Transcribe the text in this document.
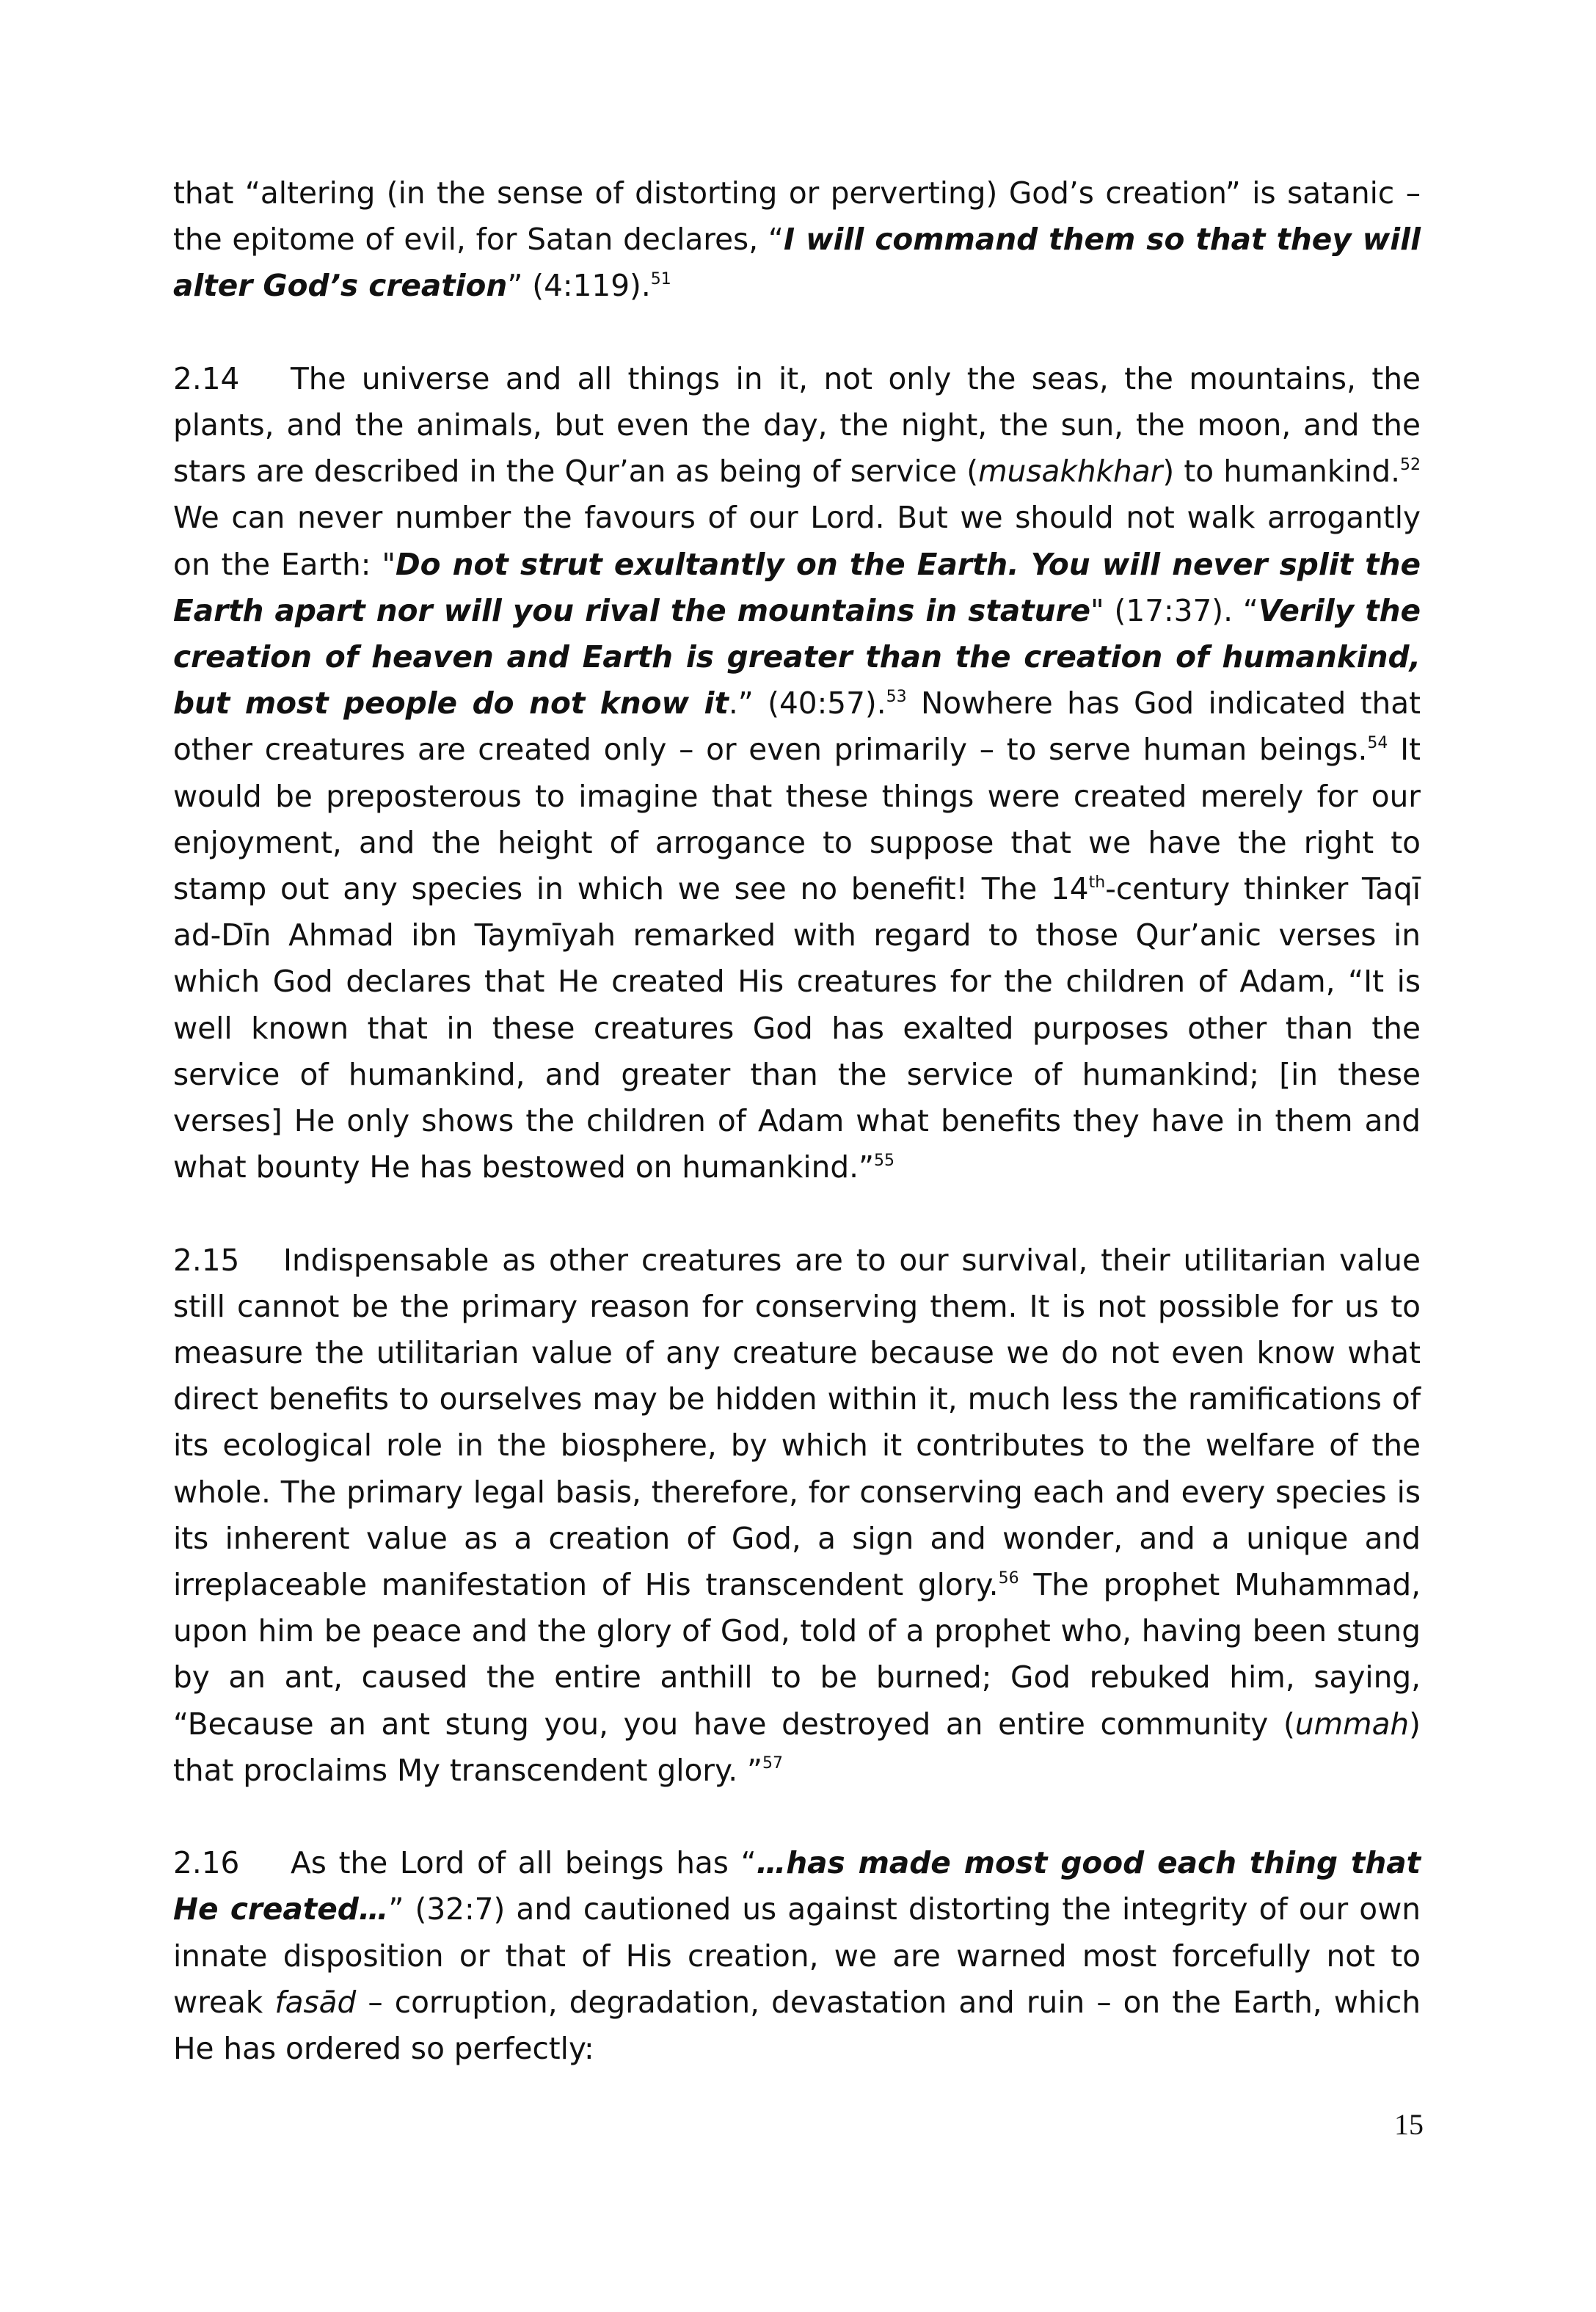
that “altering (in the sense of distorting or perverting) God’s creation” is satanic – the epitome of evil, for Satan declares, “I will command them so that they will alter God’s creation” (4:119).$^{51}$

2.14 The universe and all things in it, not only the seas, the mountains, the plants, and the animals, but even the day, the night, the sun, the moon, and the stars are described in the Qur’an as being of service (musakhkhar) to humankind.$^{52}$ We can never number the favours of our Lord. But we should not walk arrogantly on the Earth: "Do not strut exultantly on the Earth. You will never split the Earth apart nor will you rival the mountains in stature" (17:37). “Verily the creation of heaven and Earth is greater than the creation of humankind, but most people do not know it.” (40:57).$^{53}$ Nowhere has God indicated that other creatures are created only – or even primarily – to serve human beings.$^{54}$ It would be preposterous to imagine that these things were created merely for our enjoyment, and the height of arrogance to suppose that we have the right to stamp out any species in which we see no benefit! The 14th-century thinker Taqī ad-Dīn Ahmad ibn Taymīyah remarked with regard to those Qur’anic verses in which God declares that He created His creatures for the children of Adam, “It is well known that in these creatures God has exalted purposes other than the service of humankind, and greater than the service of humankind; [in these verses] He only shows the children of Adam what benefits they have in them and what bounty He has bestowed on humankind.”$^{55}$

2.15 Indispensable as other creatures are to our survival, their utilitarian value still cannot be the primary reason for conserving them. It is not possible for us to measure the utilitarian value of any creature because we do not even know what direct benefits to ourselves may be hidden within it, much less the ramifications of its ecological role in the biosphere, by which it contributes to the welfare of the whole. The primary legal basis, therefore, for conserving each and every species is its inherent value as a creation of God, a sign and wonder, and a unique and irreplaceable manifestation of His transcendent glory.$^{56}$ The prophet Muhammad, upon him be peace and the glory of God, told of a prophet who, having been stung by an ant, caused the entire anthill to be burned; God rebuked him, saying, “Because an ant stung you, you have destroyed an entire community (ummah) that proclaims My transcendent glory. ”$^{57}$

2.16 As the Lord of all beings has “…has made most good each thing that He created…” (32:7) and cautioned us against distorting the integrity of our own innate disposition or that of His creation, we are warned most forcefully not to wreak fasād – corruption, degradation, devastation and ruin – on the Earth, which He has ordered so perfectly:

15
